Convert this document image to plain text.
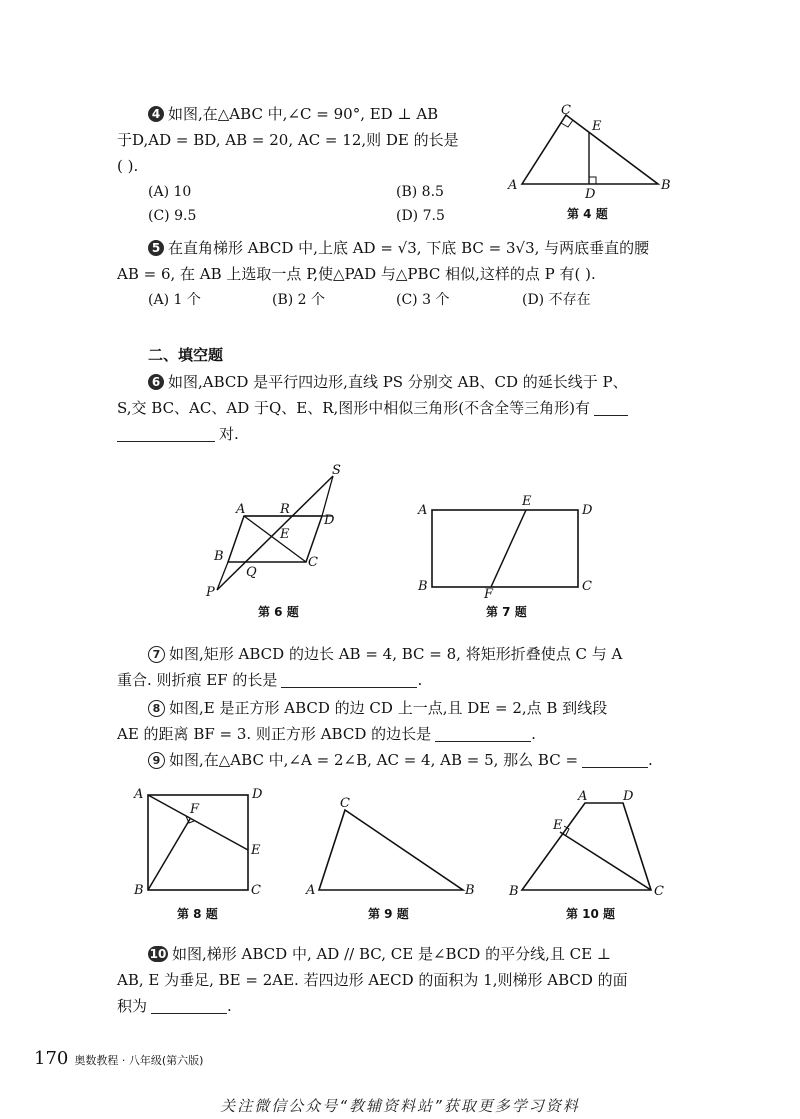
4 如图,在△ABC 中,∠C = 90°, ED ⊥ AB
于D,AD = BD, AB = 20, AC = 12,则 DE 的长是
( ).
(A) 10	(B) 8.5
(C) 9.5	(D) 7.5
C
E
A
D
B
第 4 题
5 在直角梯形 ABCD 中,上底 AD = √3, 下底 BC = 3√3, 与两底垂直的腰
AB = 6, 在 AB 上选取一点 P,使△PAD 与△PBC 相似,这样的点 P 有( ).
(A) 1 个	(B) 2 个	(C) 3 个	(D) 不存在
二、填空题
6 如图,ABCD 是平行四边形,直线 PS 分别交 AB、CD 的延长线于 P、
S,交 BC、AC、AD 于Q、E、R,图形中相似三角形(不含全等三角形)有
对.
S
A	R
D
E
B
Q
C
P
第 6 题
A
E
D
B
F
C
第 7 题
7 如图,矩形 ABCD 的边长 AB = 4, BC = 8, 将矩形折叠使点 C 与 A
重合. 则折痕 EF 的长是	.
8 如图,E 是正方形 ABCD 的边 CD 上一点,且 DE = 2,点 B 到线段
AE 的距离 BF = 3. 则正方形 ABCD 的边长是	.
9 如图,在△ABC 中,∠A = 2∠B, AC = 4, AB = 5, 那么 BC =	.
A	D
F
E
B	C
第 8 题
C
A	B
第 9 题
A	D
E
B	C
第 10 题
10 如图,梯形 ABCD 中, AD // BC, CE 是∠BCD 的平分线,且 CE ⊥
AB, E 为垂足, BE = 2AE. 若四边形 AECD 的面积为 1,则梯形 ABCD 的面
积为	.
170 奥数教程 · 八年级(第六版)
关注微信公众号“教辅资料站”获取更多学习资料
